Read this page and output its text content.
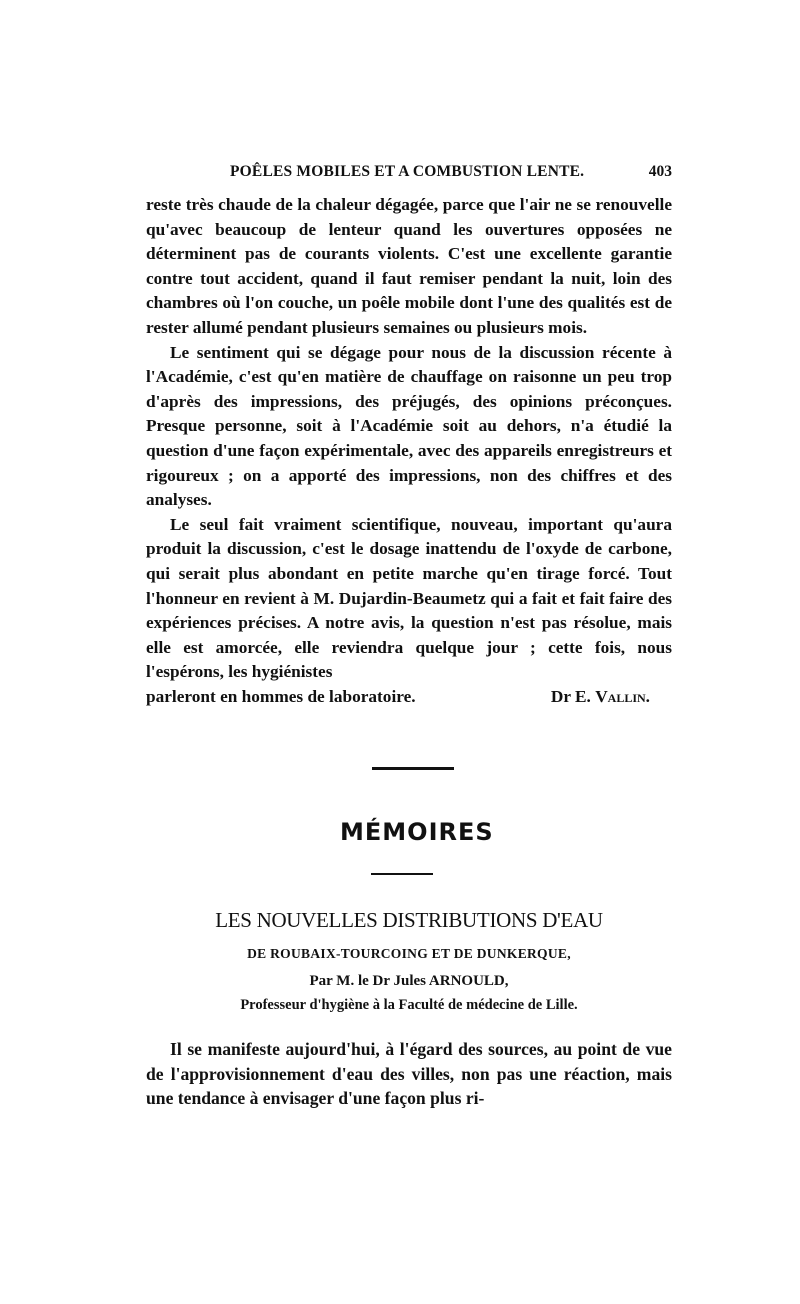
POÊLES MOBILES ET A COMBUSTION LENTE.	403

reste très chaude de la chaleur dégagée, parce que l'air ne se renouvelle qu'avec beaucoup de lenteur quand les ouvertures opposées ne déterminent pas de courants violents. C'est une excellente garantie contre tout accident, quand il faut remiser pendant la nuit, loin des chambres où l'on couche, un poêle mobile dont l'une des qualités est de rester allumé pendant plusieurs semaines ou plusieurs mois.

Le sentiment qui se dégage pour nous de la discussion récente à l'Académie, c'est qu'en matière de chauffage on raisonne un peu trop d'après des impressions, des préjugés, des opinions préconçues. Presque personne, soit à l'Académie soit au dehors, n'a étudié la question d'une façon expérimentale, avec des appareils enregistreurs et rigoureux ; on a apporté des impressions, non des chiffres et des analyses.

Le seul fait vraiment scientifique, nouveau, important qu'aura produit la discussion, c'est le dosage inattendu de l'oxyde de carbone, qui serait plus abondant en petite marche qu'en tirage forcé. Tout l'honneur en revient à M. Dujardin-Beaumetz qui a fait et fait faire des expériences précises. A notre avis, la question n'est pas résolue, mais elle est amorcée, elle reviendra quelque jour ; cette fois, nous l'espérons, les hygiénistes

parleront en hommes de laboratoire.	Dr E. Vallin.
MÉMOIRES
LES NOUVELLES DISTRIBUTIONS D'EAU
DE ROUBAIX-TOURCOING ET DE DUNKERQUE,
Par M. le Dr Jules ARNOULD,
Professeur d'hygiène à la Faculté de médecine de Lille.

Il se manifeste aujourd'hui, à l'égard des sources, au point de vue de l'approvisionnement d'eau des villes, non pas une réaction, mais une tendance à envisager d'une façon plus ri-
